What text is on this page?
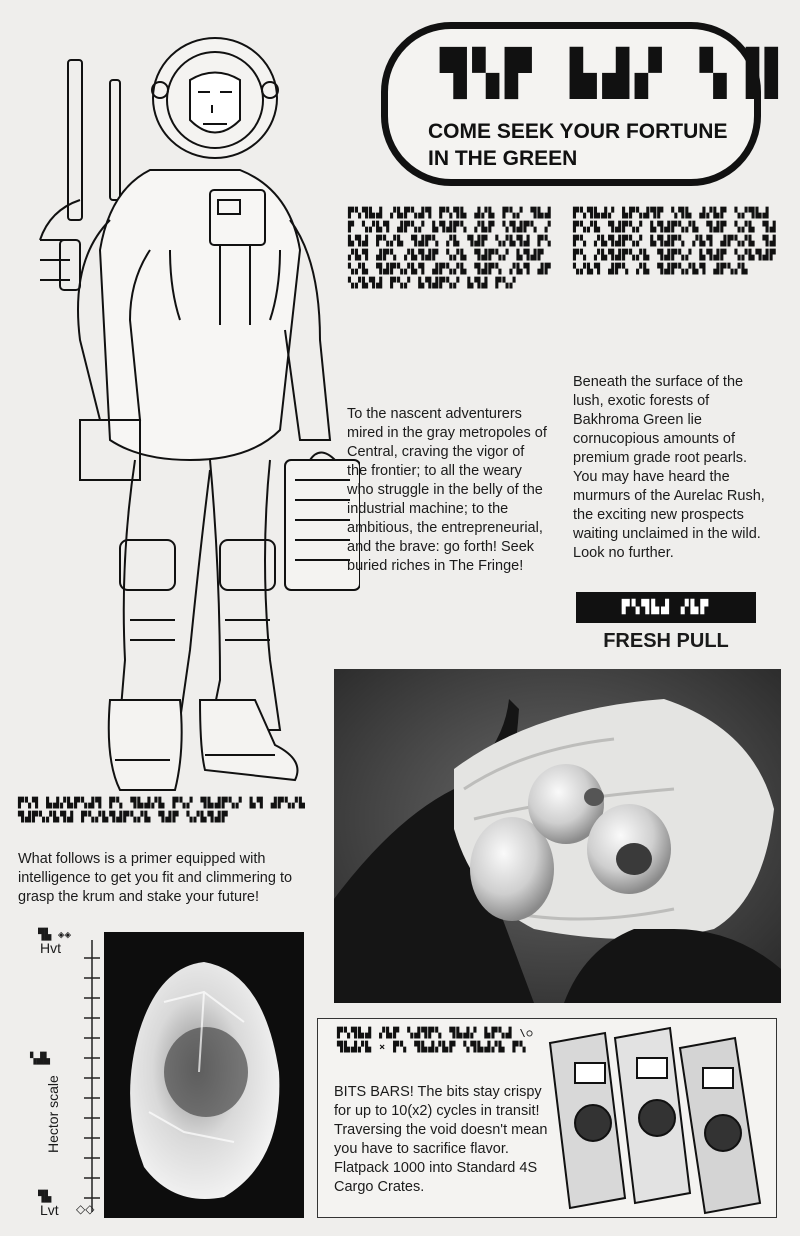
▜▚▛ ▙▟▞ ▚▐▌
COME SEEK YOUR FORTUNE
IN THE GREEN
▛▚▜▙▟ ▞▙▛▚▟▜ ▛▚▜▙ ▟▞▙ ▛▚▞ ▜▙▟▛ ▚▞▙▜ ▟▛▚▞ ▙▜▟▛▚ ▞▙▛ ▚▜▟▛▚ ▞▙▜▟ ▛▚▞▙ ▜▟▛▚ ▞▙ ▜▟▛ ▚▞▙▜▟ ▛▚▞▙▜ ▟▛▚ ▞▙▜▟▛ ▚▞▙ ▜▟▛▚▞ ▙▜▟▛ ▚▞▙ ▜▟▛▚▞▙▜ ▟▛▚▞▙ ▜▟▛▚ ▞▙▜ ▟▛▚▞▙▜▟ ▛▚▞ ▙▜▟▛▚▞ ▙▜▟ ▛▚▞
To the nascent adventurers mired in the gray metropoles of Central, craving the vigor of the frontier; to all the weary who struggle in the belly of the industrial machine; to the ambitious, the entrepreneurial, and the brave: go forth! Seek buried riches in The Fringe!
▛▚▜▙▟▞ ▙▛▚▟▜▛ ▚▜▙ ▟▞▙▛ ▚▞▜▙▟ ▛▚▞▙ ▜▟▛▚▞ ▙▜▟▛▚▞▙ ▜▟▛ ▚▞▙ ▜▟▛▚ ▞▙▜▟▛▚▞ ▙▜▟▛▚ ▞▙▜ ▟▛▚▞▙ ▜▟▛▚ ▞▙▜▟▛▚▞▙ ▜▟▛▚▞ ▙▜▟▛ ▚▞▙▜▟▛ ▚▞▙▜ ▟▛▚ ▞▙ ▜▟▛▚▞▙▜ ▟▛▚▞▙
Beneath the surface of the lush, exotic forests of Bakhroma Green lie cornucopious amounts of premium grade root pearls. You may have heard the murmurs of the Aurelac Rush, the exciting new prospects waiting unclaimed in the wild. Look no further.
▛▚▜▙▟ ▞▙▛
FRESH PULL
▛▚▜ ▙▟▞▙▛▚▟▜ ▛▚ ▜▙▟▞▙ ▛▚▞ ▜▙▟▛▚▞ ▙▜ ▟▛▚▞▙ ▜▟▛▚▞▙▜▟ ▛▚▞▙▜▟▛▚▞▙ ▜▟▛ ▚▞▙▜▟▛
What follows is a primer equipped with intelligence to get you fit and climmering to grasp the krum and stake your future!
▜▙ ◈◈
Hvt
▚▟▙
Hector scale
▜▙
Lvt ◇◇
▛▚▜▙▟ ▞▙▛ ▚▟▜▛▚ ▜▙▟▞ ▙▛▚▟ \○ ▜▙▟▞▙ × ▛▚ ▜▙▟▞▙▛ ▚▜▙▟▞▙ ▛▚
BITS BARS! The bits stay crispy for up to 10(x2) cycles in transit! Traversing the void doesn't mean you have to sacrifice flavor. Flatpack 1000 into Standard 4S Cargo Crates.
